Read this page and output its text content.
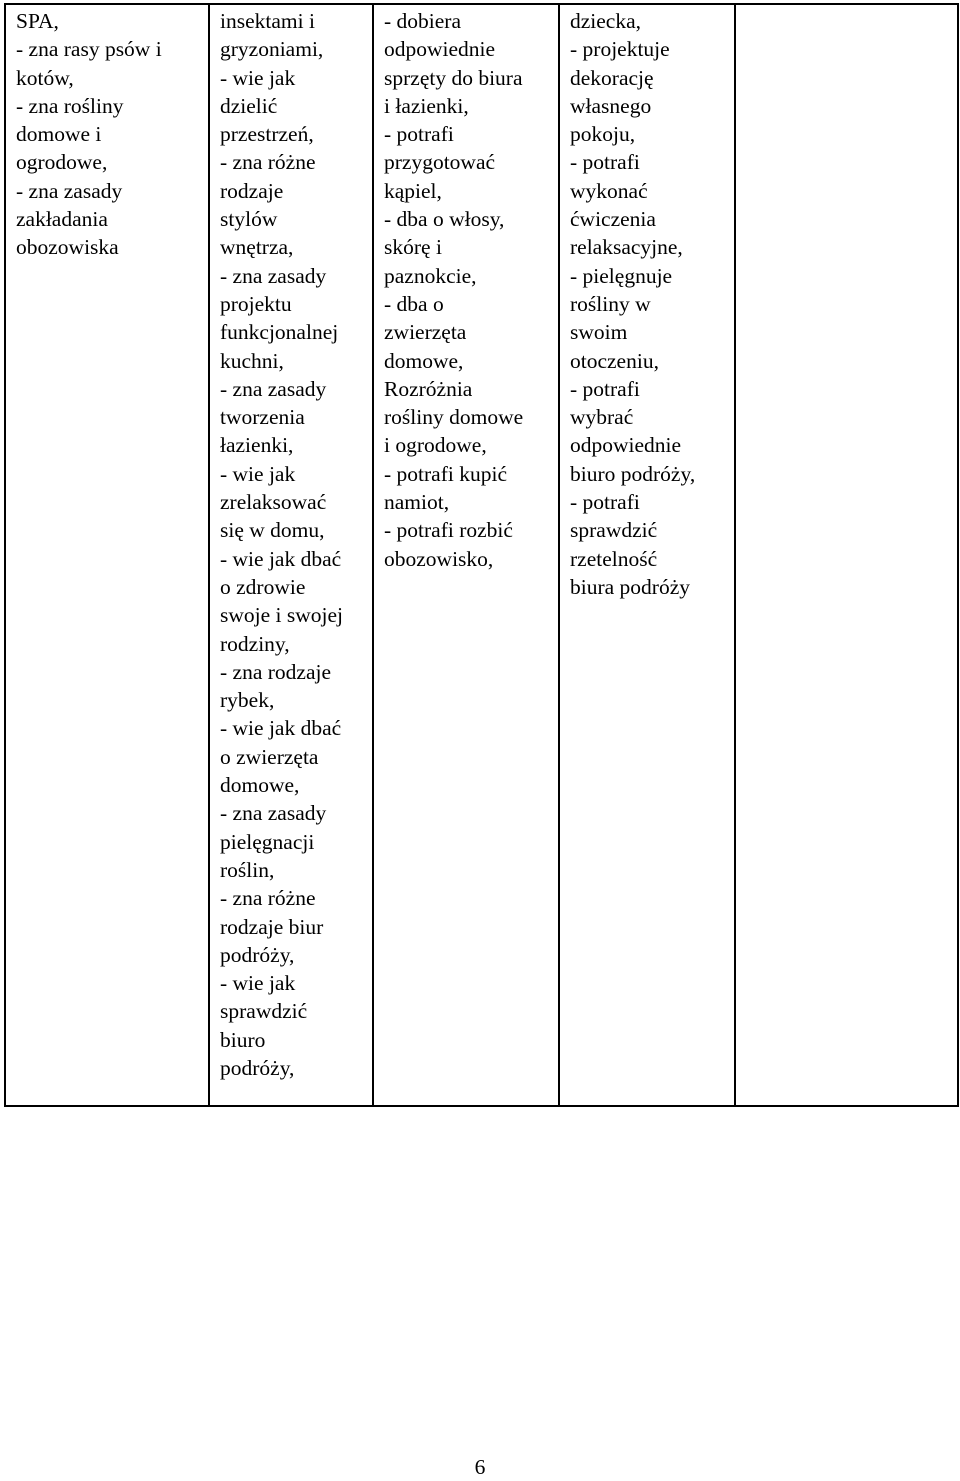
SPA,
- zna rasy psów i
kotów,
- zna rośliny
domowe i
ogrodowe,
- zna zasady
zakładania
obozowiska

insektami i
gryzoniami,
- wie jak
dzielić
przestrzeń,
- zna różne
rodzaje
stylów
wnętrza,
- zna zasady
projektu
funkcjonalnej
kuchni,
- zna zasady
tworzenia
łazienki,
- wie jak
zrelaksować
się w domu,
- wie jak dbać
o zdrowie
swoje i swojej
rodziny,
- zna rodzaje
rybek,
- wie jak dbać
o zwierzęta
domowe,
- zna zasady
pielęgnacji
roślin,
- zna różne
rodzaje biur
podróży,
- wie jak
sprawdzić
biuro
podróży,

- dobiera
odpowiednie
sprzęty do biura
i łazienki,
- potrafi
przygotować
kąpiel,
- dba o włosy,
skórę i
paznokcie,
- dba o
zwierzęta
domowe,
Rozróżnia
rośliny domowe
i ogrodowe,
- potrafi kupić
namiot,
- potrafi rozbić
obozowisko,

dziecka,
- projektuje
dekorację
własnego
pokoju,
- potrafi
wykonać
ćwiczenia
relaksacyjne,
- pielęgnuje
rośliny w
swoim
otoczeniu,
- potrafi
wybrać
odpowiednie
biuro podróży,
- potrafi
sprawdzić
rzetelność
biura podróży

6
